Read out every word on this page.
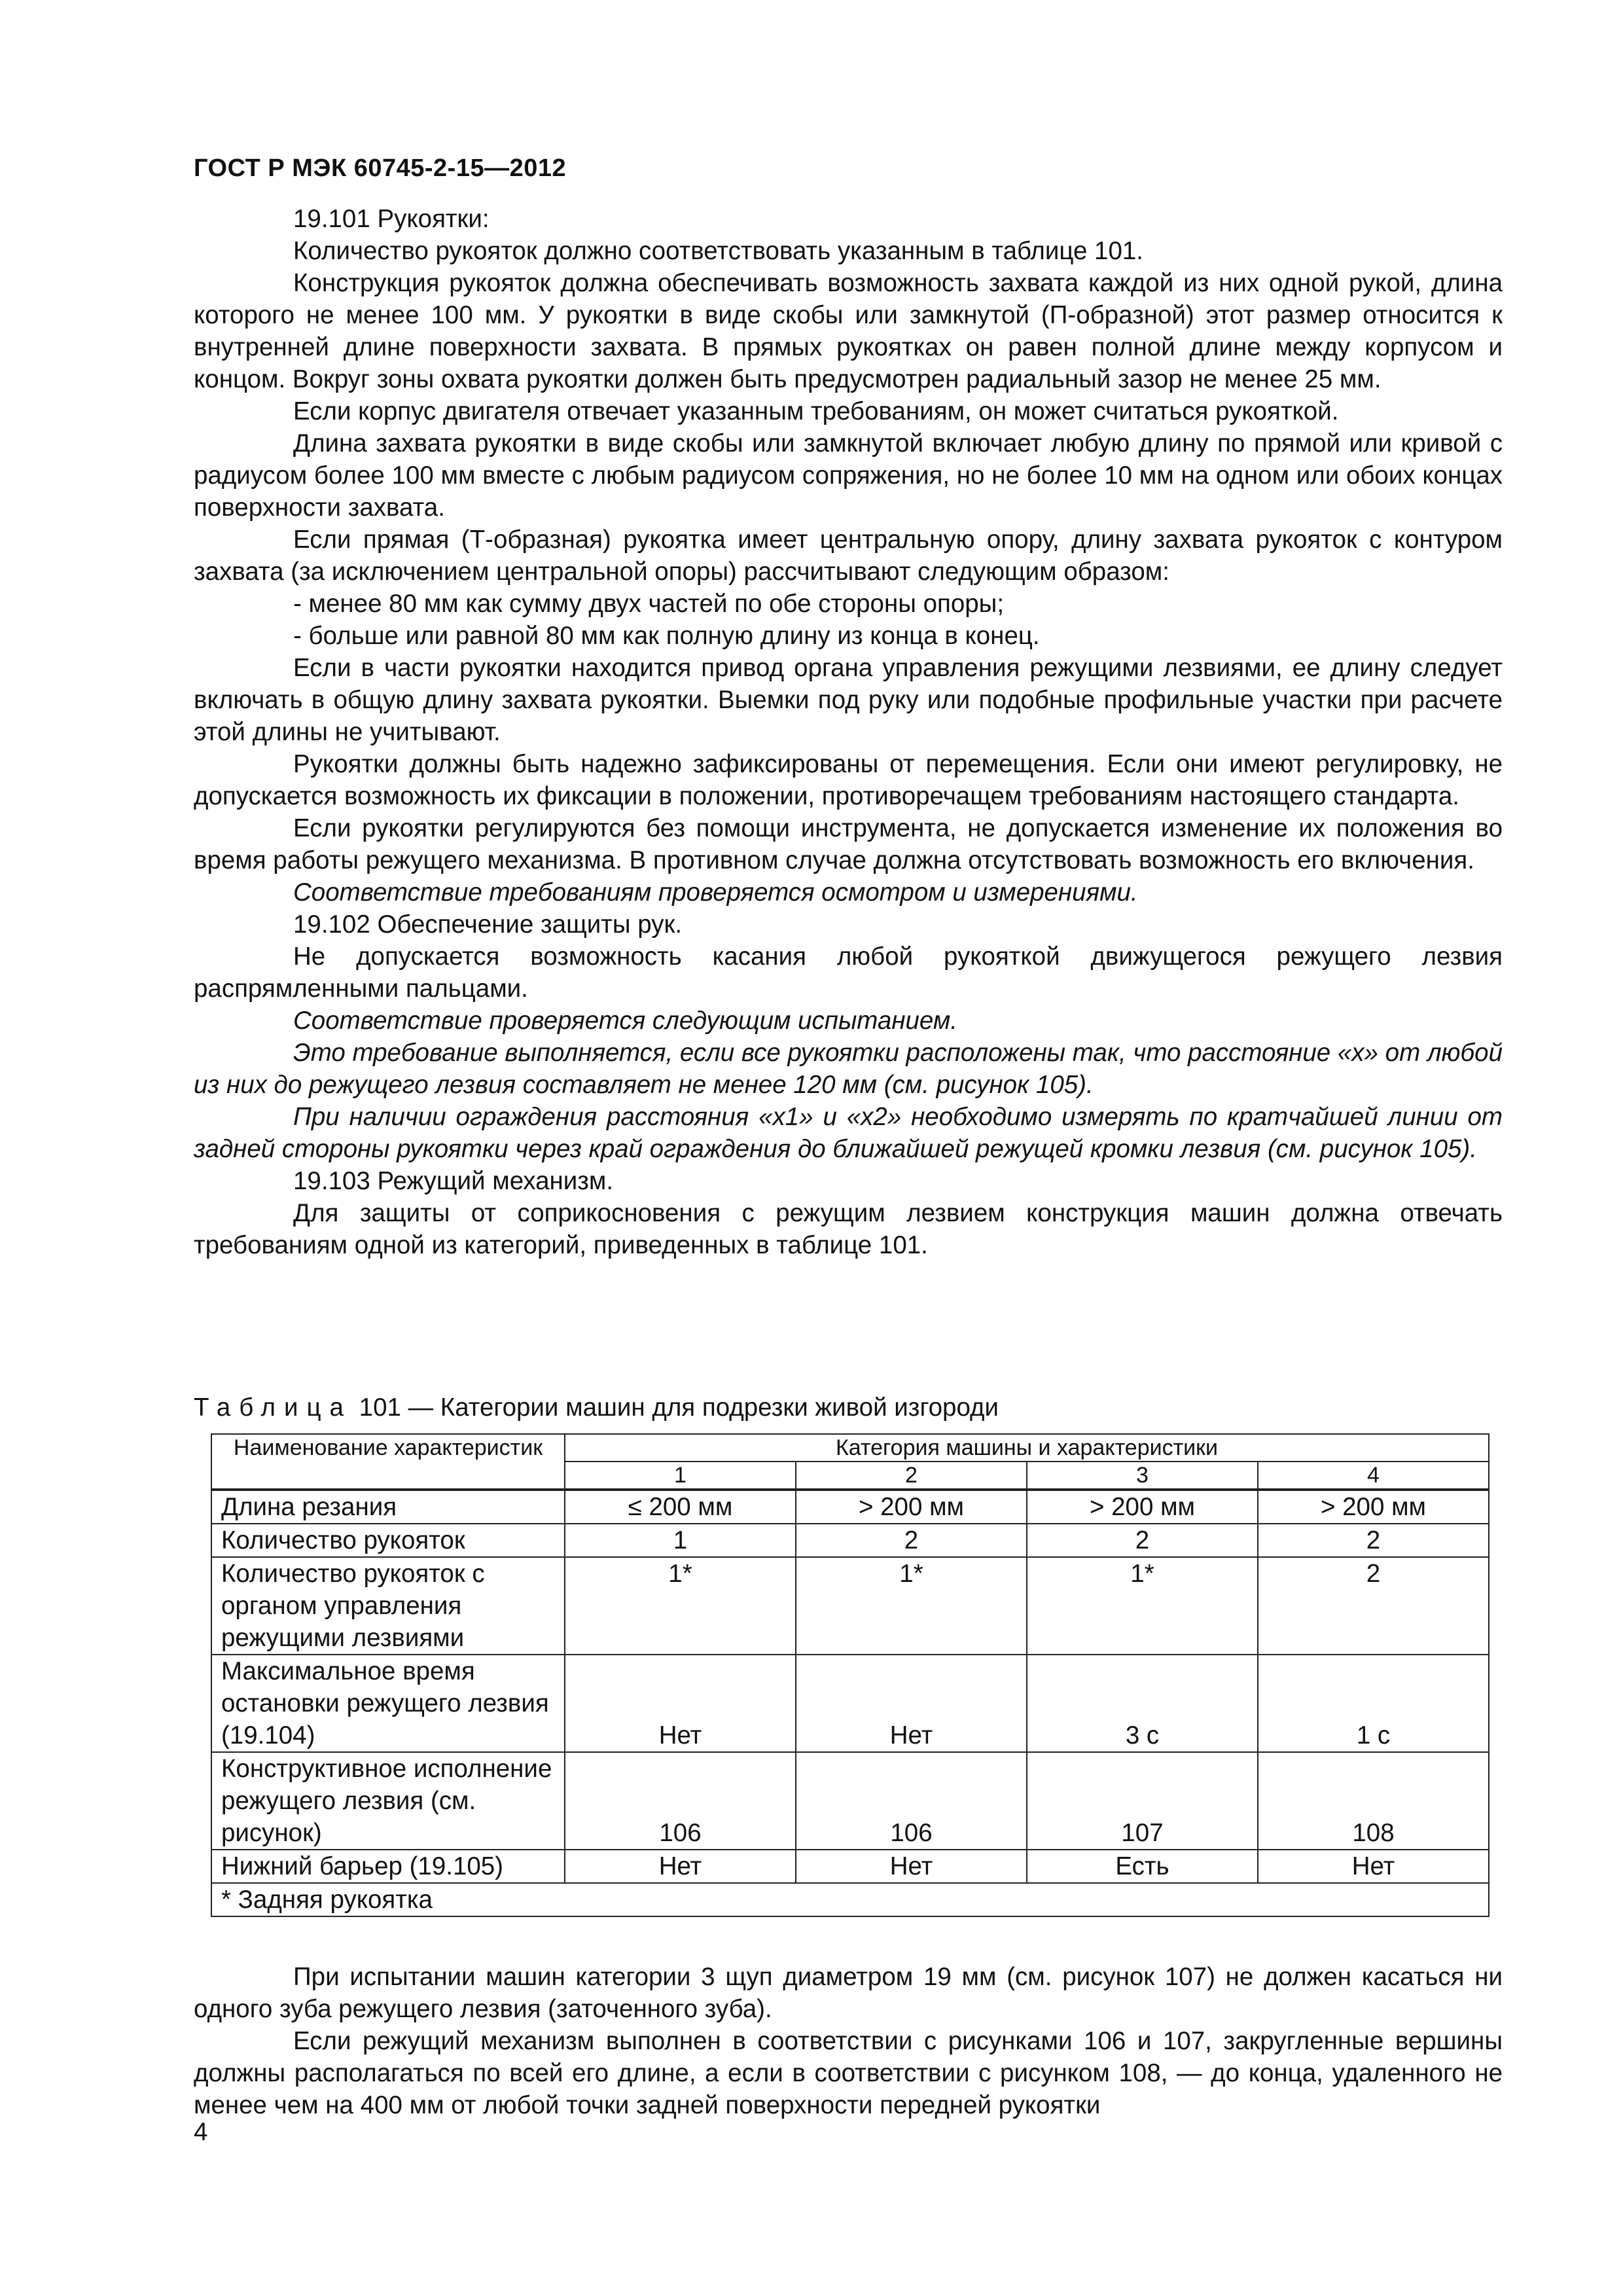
ГОСТ Р МЭК 60745-2-15—2012

19.101 Рукоятки:

Количество рукояток должно соответствовать указанным в таблице 101.

Конструкция рукояток должна обеспечивать возможность захвата каждой из них одной рукой, длина которого не менее 100 мм. У рукоятки в виде скобы или замкнутой (П-образной) этот размер относится к внутренней длине поверхности захвата. В прямых рукоятках он равен полной длине между корпусом и концом. Вокруг зоны охвата рукоятки должен быть предусмотрен радиальный зазор не менее 25 мм.

Если корпус двигателя отвечает указанным требованиям, он может считаться рукояткой.

Длина захвата рукоятки в виде скобы или замкнутой включает любую длину по прямой или кривой с радиусом более 100 мм вместе с любым радиусом сопряжения, но не более 10 мм на одном или обоих концах поверхности захвата.

Если прямая (Т-образная) рукоятка имеет центральную опору, длину захвата рукояток с контуром захвата (за исключением центральной опоры) рассчитывают следующим образом:

- менее 80 мм как сумму двух частей по обе стороны опоры;

- больше или равной 80 мм как полную длину из конца в конец.

Если в части рукоятки находится привод органа управления режущими лезвиями, ее длину следует включать в общую длину захвата рукоятки. Выемки под руку или подобные профильные участки при расчете этой длины не учитывают.

Рукоятки должны быть надежно зафиксированы от перемещения. Если они имеют регулировку, не допускается возможность их фиксации в положении, противоречащем требованиям настоящего стандарта.

Если рукоятки регулируются без помощи инструмента, не допускается изменение их положения во время работы режущего механизма. В противном случае должна отсутствовать возможность его включения.

Соответствие требованиям проверяется осмотром и измерениями.

19.102 Обеспечение защиты рук.

Не допускается возможность касания любой рукояткой движущегося режущего лезвия распрямленными пальцами.

Соответствие проверяется следующим испытанием.

Это требование выполняется, если все рукоятки расположены так, что расстояние «x» от любой из них до режущего лезвия составляет не менее 120 мм (см. рисунок 105).

При наличии ограждения расстояния «x1» и «x2» необходимо измерять по кратчайшей линии от задней стороны рукоятки через край ограждения до ближайшей режущей кромки лезвия (см. рисунок 105).

19.103 Режущий механизм.

Для защиты от соприкосновения с режущим лезвием конструкция машин должна отвечать требованиям одной из категорий, приведенных в таблице 101.

Таблица 101 — Категории машин для подрезки живой изгороди
Наименование характеристик	Категория машины и характеристики			
	1	2	3	4
Длина резания	≤ 200 мм	> 200 мм	> 200 мм	> 200 мм
Количество рукояток	1	2	2	2
Количество рукояток с органом управления режущими лезвиями	1*	1*	1*	2
Максимальное время остановки режущего лезвия (19.104)	Нет	Нет	3 с	1 с
Конструктивное исполнение режущего лезвия (см. рисунок)	106	106	107	108
Нижний барьер (19.105)	Нет	Нет	Есть	Нет
* Задняя рукоятка				

При испытании машин категории 3 щуп диаметром 19 мм (см. рисунок 107) не должен касаться ни одного зуба режущего лезвия (заточенного зуба).

Если режущий механизм выполнен в соответствии с рисунками 106 и 107, закругленные вершины должны располагаться по всей его длине, а если в соответствии с рисунком 108, — до конца, удаленного не менее чем на 400 мм от любой точки задней поверхности передней рукоятки

4
